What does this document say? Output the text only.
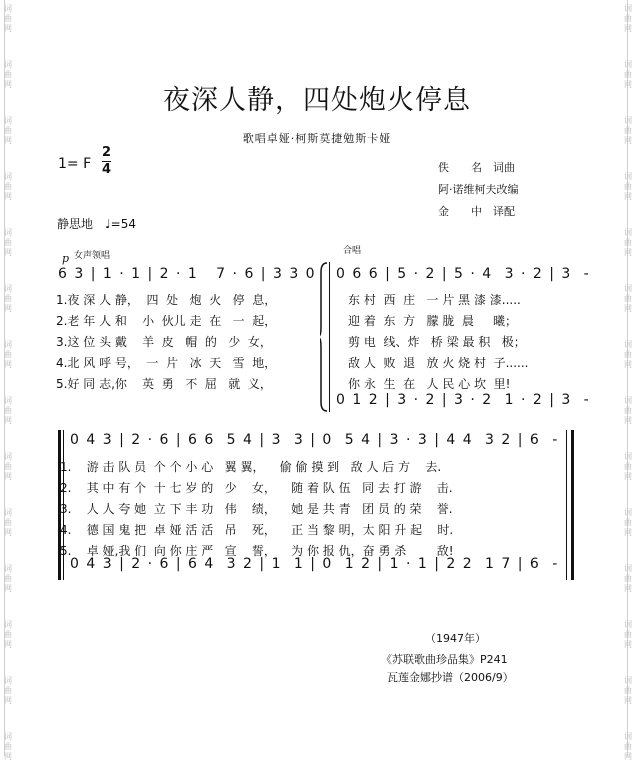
词
曲
网
词
曲
网
词
曲
网
词
曲
网
词
曲
网
词
曲
网
词
曲
网
词
曲
网
词
曲
网
词
曲
网
词
曲
网
词
曲
网
词
曲
网
词
曲
网
词
曲
网
词
曲
网
词
曲
网
词
曲
网
词
曲
网
词
曲
网
词
曲
网
词
曲
网
词
曲
网
词
曲
网
词
曲
网
词
曲
网
词
曲
网
词
曲
网
夜深人静，四处炮火停息
歌唱卓娅·柯斯莫捷勉斯卡娅
1= F
2
4	佚　　名　词曲
阿·诺维柯夫改编
金　　中　译配
静思地　♩=54
p 女声领唱	合唱
6 3 | 1 · 1 | 2 · 1   7 · 6 | 3 3 0 0 6 6 | 5 · 2 | 5 · 4  3 · 2 | 3  -
1.夜 深 人 静，  四  处   炮  火   停  息，
2.老 年 人 和    小  伙儿 走  在   一  起，
3.这 位 头 戴    羊  皮   帽  的   少  女，
4.北 风 呼 号，  一  片   冰  天   雪  地，
5.好 同 志,你    英  勇   不  屈   就  义，
东 村  西  庄   一 片 黑 漆 漆.....
迎 着  东  方   朦 胧  晨     曦；
剪 电  线、炸   桥 梁 最 积   极；
敌 人  败  退   放 火 烧 村  子......
你 永  生  在   人 民 心 坎  里!
0 1 2 | 3 · 2 | 3 · 2  1 · 2 | 3  -
0 4 3 | 2 · 6 | 6 6  5 4 | 3  3 | 0  5 4 | 3 · 3 | 4 4  3 2 | 6  -
1.    游 击 队 员  个 个 小 心   翼 翼，    偷 偷 摸 到   敌 人 后 方    去.
2.    其 中 有 个  十 七 岁 的   少    女，    随 着 队 伍   同 去 打 游    击.
3.    人 人 夸 她  立 下 丰 功   伟    绩，    她 是 共 青   团 员 的 荣    誉.
4.    德 国 鬼 把  卓 娅 活 活   吊    死，    正 当 黎 明，太 阳 升 起    时.
5.    卓 娅,我 们  向 你 庄 严   宣    誓，    为 你 报 仇，奋 勇 杀        敌!
0 4 3 | 2 · 6 | 6 4  3 2 | 1  1 | 0  1 2 | 1 · 1 | 2 2  1 7 | 6  -
（1947年）
《苏联歌曲珍品集》P241
瓦莲金娜抄谱（2006/9）
